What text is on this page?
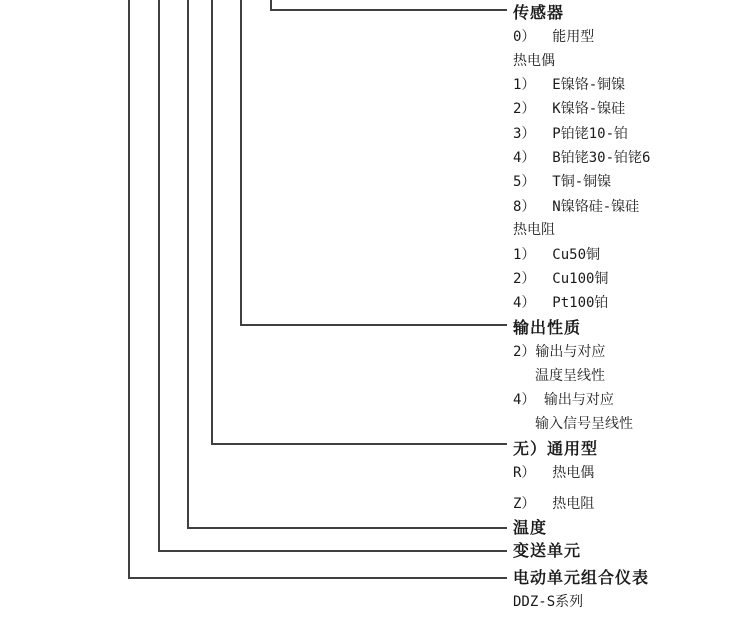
传感器
0）  能用型
热电偶
1）  E镍铬-铜镍
2）  K镍铬-镍硅
3）  P铂铑10-铂
4）  B铂铑30-铂铑6
5）  T铜-铜镍
8）  N镍铬硅-镍硅
热电阻
1）  Cu50铜
2）  Cu100铜
4）  Pt100铂
输出性质
2）输出与对应
温度呈线性
4） 输出与对应
输入信号呈线性
无）通用型
R）  热电偶
Z）  热电阻
温度
变送单元
电动单元组合仪表
DDZ-S系列
